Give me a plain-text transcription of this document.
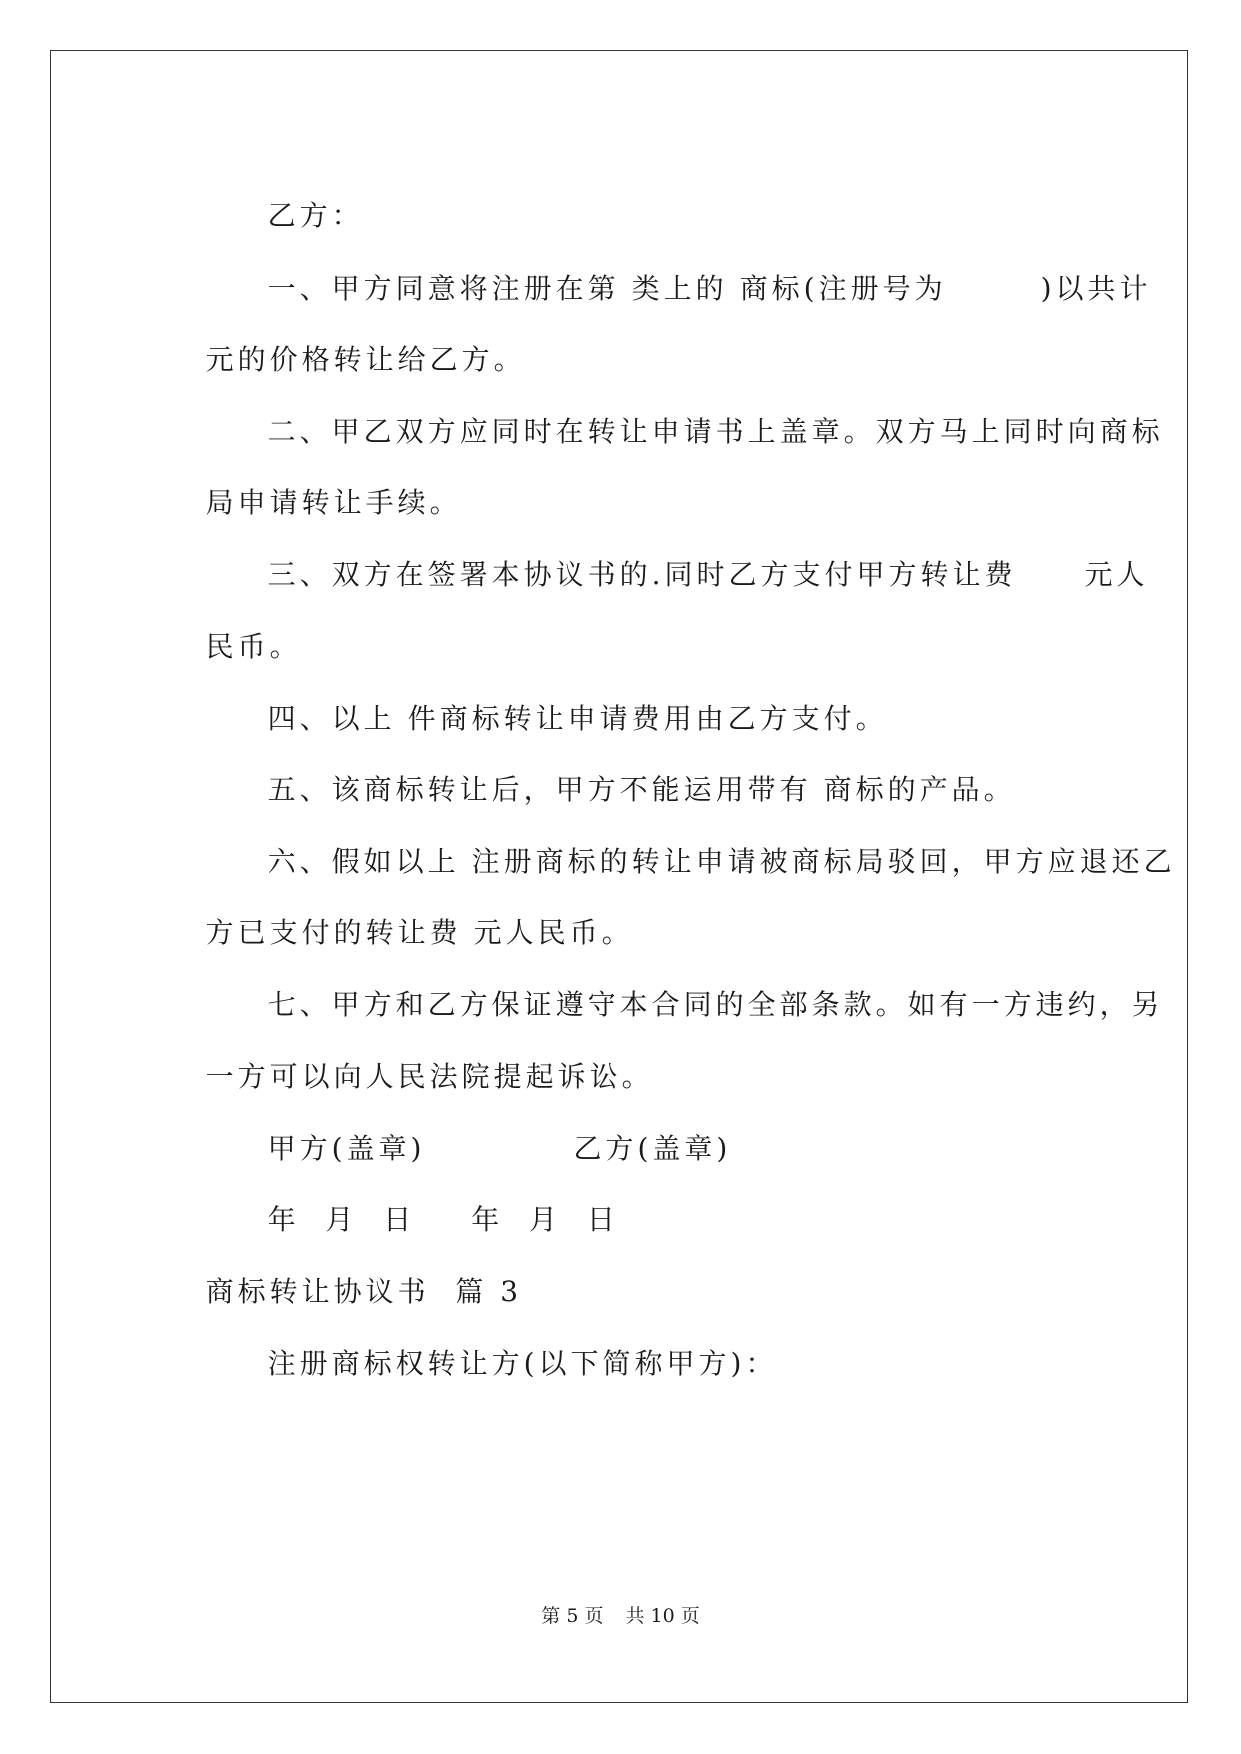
乙方：

一、甲方同意将注册在第 类上的 商标(注册号为	)以共计

元的价格转让给乙方。

二、甲乙双方应同时在转让申请书上盖章。双方马上同时向商标

局申请转让手续。

三、双方在签署本协议书的.同时乙方支付甲方转让费 元人

民币。

四、以上 件商标转让申请费用由乙方支付。

五、该商标转让后，甲方不能运用带有 商标的产品。

六、假如以上 注册商标的转让申请被商标局驳回，甲方应退还乙

方已支付的转让费 元人民币。

七、甲方和乙方保证遵守本合同的全部条款。如有一方违约，另

一方可以向人民法院提起诉讼。

甲方(盖章)	乙方(盖章)

年  月  日 年  月  日

商标转让协议书  篇 3

注册商标权转让方(以下简称甲方)：

第 5 页 共 10 页
